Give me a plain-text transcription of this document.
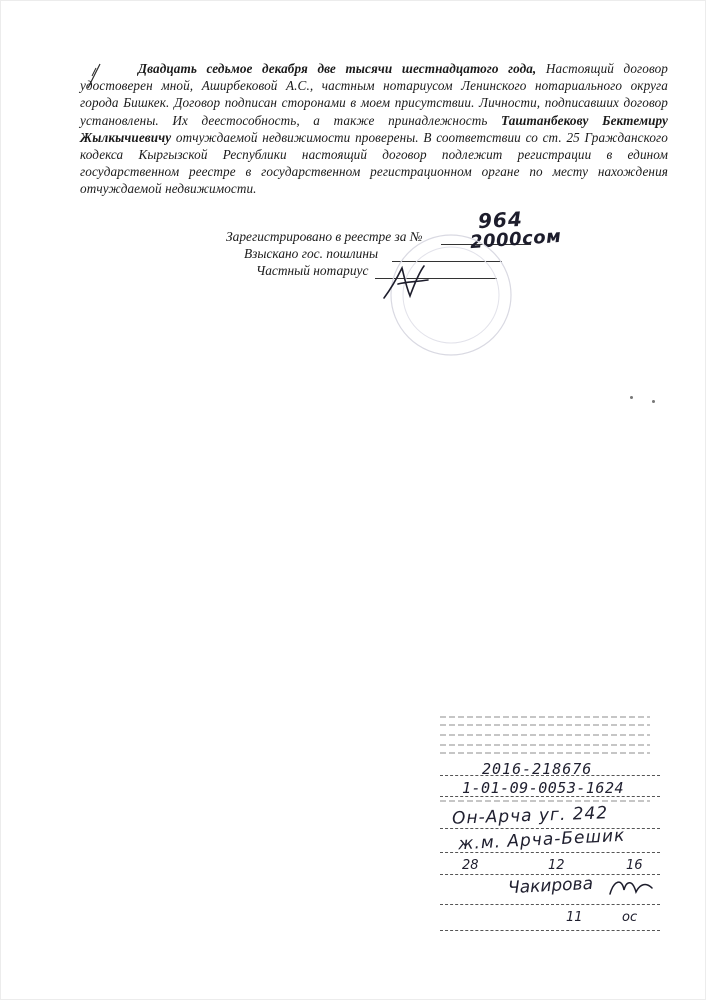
Двадцать седьмое декабря две тысячи шестнадцатого года, Настоящий договор удостоверен мной, Аширбековой А.С., частным нотариусом Ленинского нотариального округа города Бишкек. Договор подписан сторонами в моем присутствии. Личности, подписавших договор установлены. Их деестособность, а также принадлежность Таштанбекову Бектемиру Жылкычиевичу отчуждаемой недвижимости проверены. В соответствии со ст. 25 Гражданского кодекса Кыргызской Республики настоящий договор подлежит регистрации в едином государственном реестре в государственном регистрационном органе по месту нахождения отчуждаемой недвижимости.
Зарегистрировано в реестре за №
964
Взыскано гос. пошлины
2000сом
Частный нотариус
2016-218676
1-01-09-0053-1624
Он-Арча уг. 242
ж.м. Арча-Бешик
28	12	16
Чакирова
11	ос
